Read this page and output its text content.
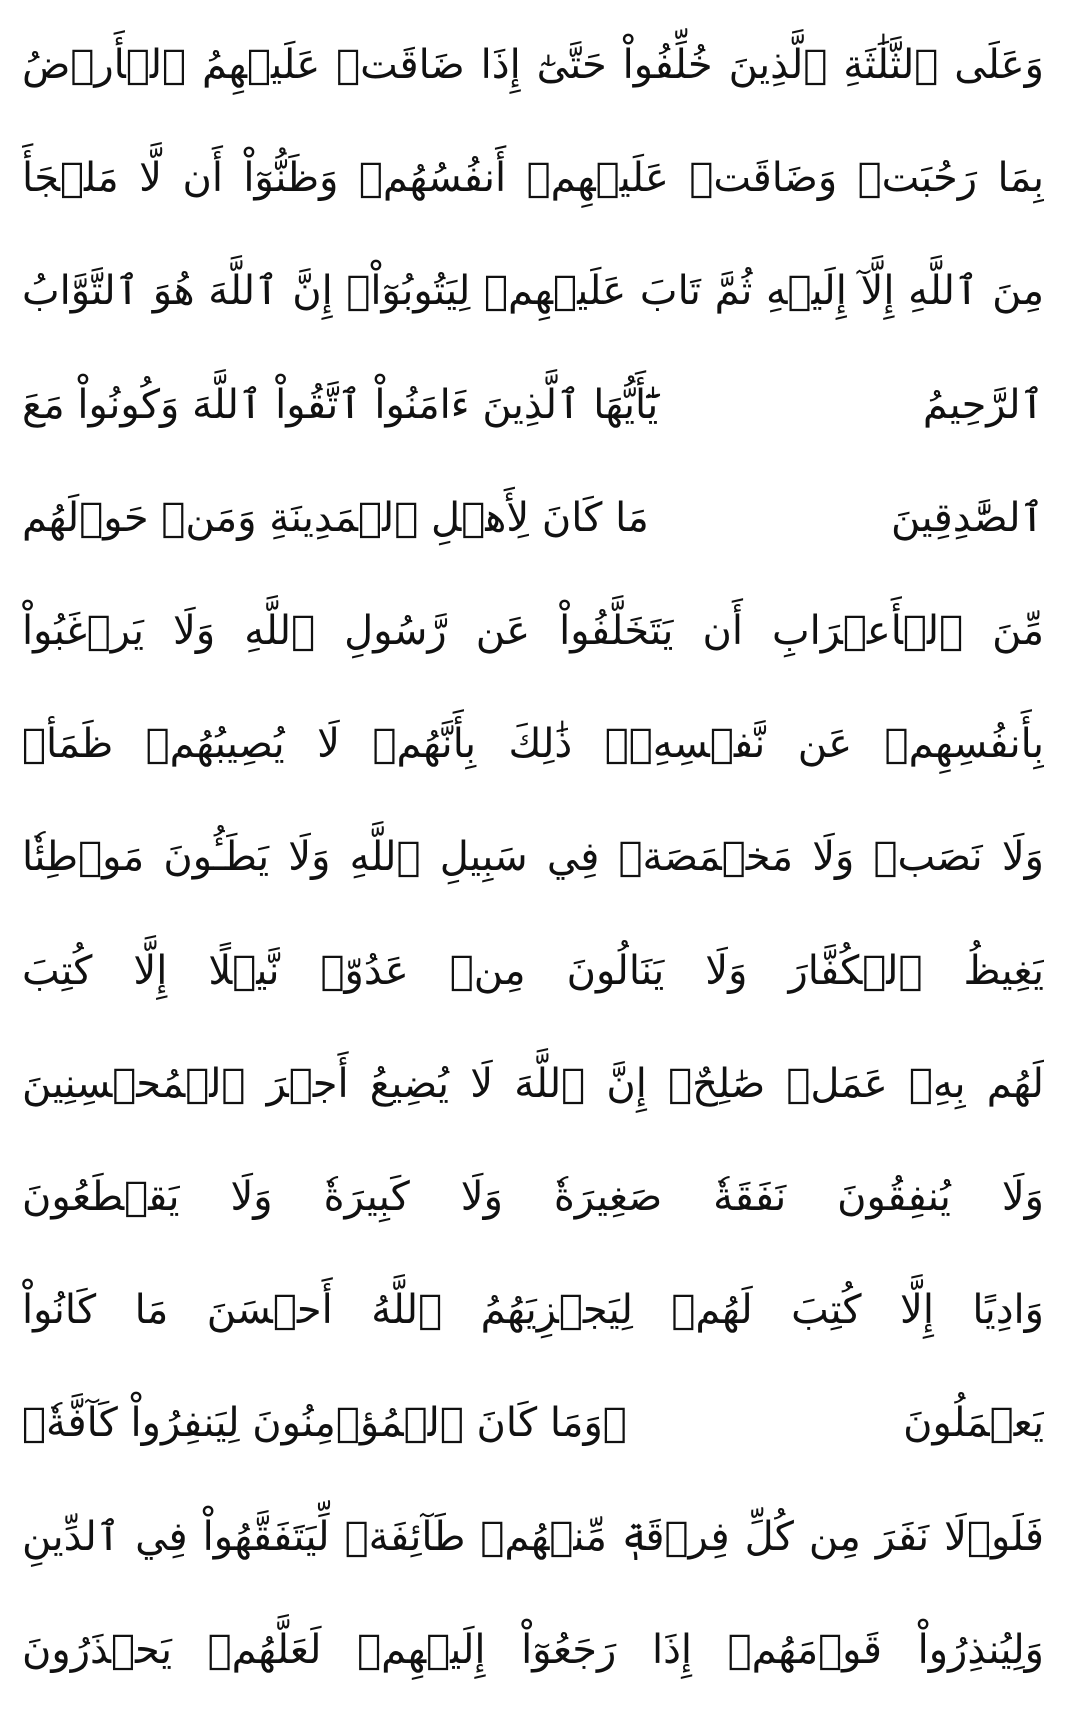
وَعَلَى ٱلثَّلَٰثَةِ ٱلَّذِينَ خُلِّفُواْ حَتَّىٰٓ إِذَا ضَاقَتۡ عَلَيۡهِمُ ٱلۡأَرۡضُ
بِمَا رَحُبَتۡ وَضَاقَتۡ عَلَيۡهِمۡ أَنفُسُهُمۡ وَظَنُّوٓاْ أَن لَّا مَلۡجَأَ
مِنَ ٱللَّهِ إِلَّآ إِلَيۡهِ ثُمَّ تَابَ عَلَيۡهِمۡ لِيَتُوبُوٓاْۚ إِنَّ ٱللَّهَ هُوَ ٱلتَّوَّابُ
ٱلرَّحِيمُ
يَٰٓأَيُّهَا ٱلَّذِينَ ءَامَنُواْ ٱتَّقُواْ ٱللَّهَ وَكُونُواْ مَعَ
ٱلصَّٰدِقِينَ
مَا كَانَ لِأَهۡلِ ٱلۡمَدِينَةِ وَمَنۡ حَوۡلَهُم
مِّنَ ٱلۡأَعۡرَابِ أَن يَتَخَلَّفُواْ عَن رَّسُولِ ٱللَّهِ وَلَا يَرۡغَبُواْ
بِأَنفُسِهِمۡ عَن نَّفۡسِهِۦۚ ذَٰلِكَ بِأَنَّهُمۡ لَا يُصِيبُهُمۡ ظَمَأٞ
وَلَا نَصَبٞ وَلَا مَخۡمَصَةٞ فِي سَبِيلِ ٱللَّهِ وَلَا يَطَـُٔونَ مَوۡطِئٗا
يَغِيظُ ٱلۡكُفَّارَ وَلَا يَنَالُونَ مِنۡ عَدُوّٖ نَّيۡلًا إِلَّا كُتِبَ
لَهُم بِهِۦ عَمَلٞ صَٰلِحٌۚ إِنَّ ٱللَّهَ لَا يُضِيعُ أَجۡرَ ٱلۡمُحۡسِنِينَ
وَلَا يُنفِقُونَ نَفَقَةٗ صَغِيرَةٗ وَلَا كَبِيرَةٗ وَلَا يَقۡطَعُونَ
وَادِيًا إِلَّا كُتِبَ لَهُمۡ لِيَجۡزِيَهُمُ ٱللَّهُ أَحۡسَنَ مَا كَانُواْ
يَعۡمَلُونَ
۞وَمَا كَانَ ٱلۡمُؤۡمِنُونَ لِيَنفِرُواْ كَآفَّةٗۚ
فَلَوۡلَا نَفَرَ مِن كُلِّ فِرۡقَةٖ مِّنۡهُمۡ طَآئِفَةٞ لِّيَتَفَقَّهُواْ فِي ٱلدِّينِ
وَلِيُنذِرُواْ قَوۡمَهُمۡ إِذَا رَجَعُوٓاْ إِلَيۡهِمۡ لَعَلَّهُمۡ يَحۡذَرُونَ
